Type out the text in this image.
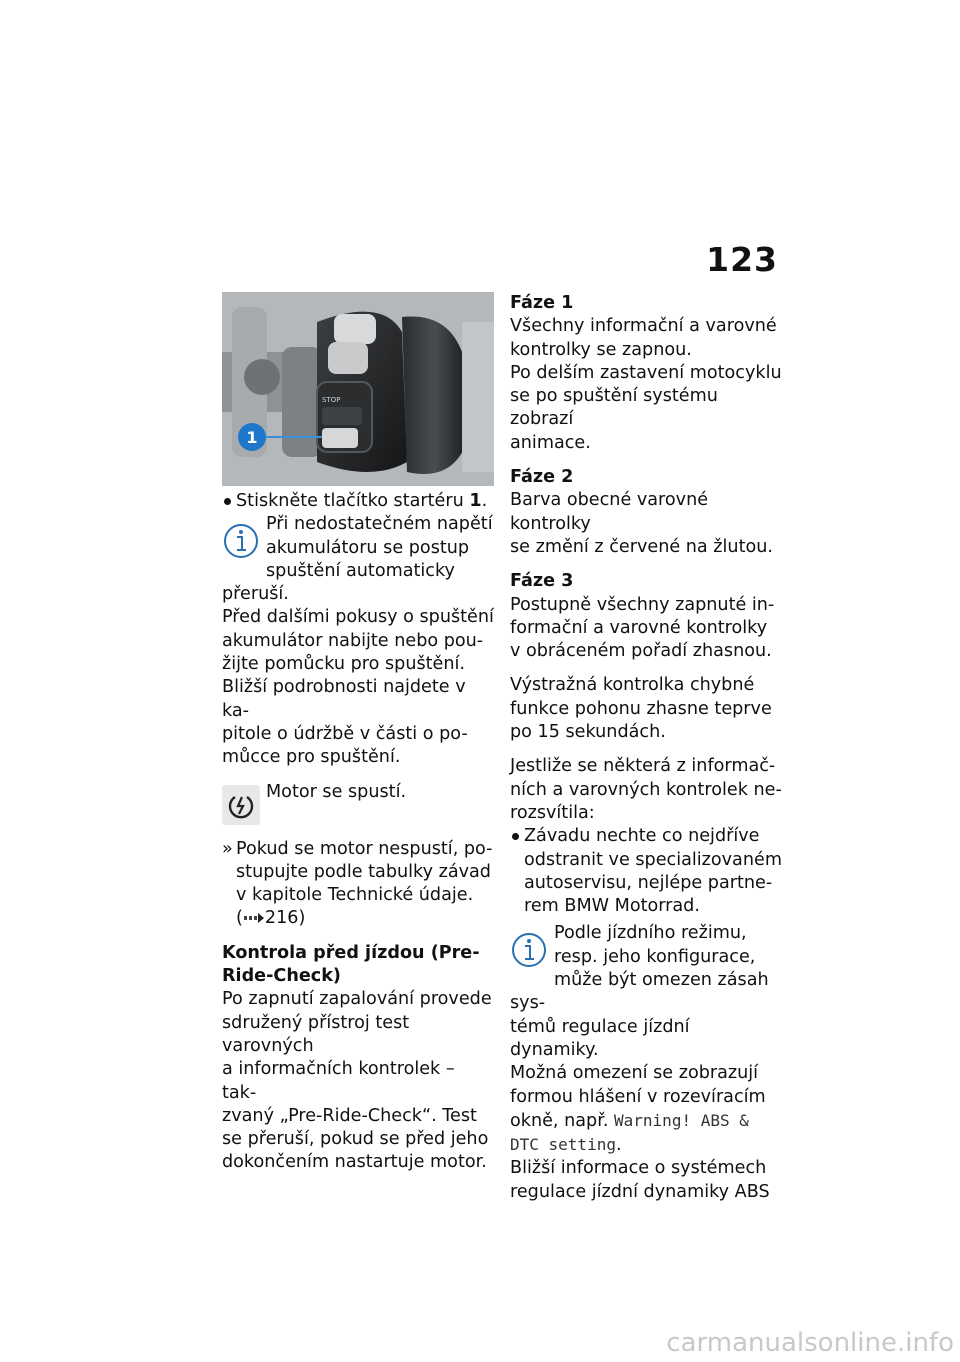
123
STOP
1

Stiskněte tlačítko startéru 1.

Při nedostatečném napětí
akumulátoru se postup
spuštění automaticky přeruší.
Před dalšími pokusy o spuštění
akumulátor nabijte nebo pou-
žijte pomůcku pro spuštění.
Bližší podrobnosti najdete v ka-
pitole o údržbě v části o po-
můcce pro spuštění.
Motor se spustí.
» Pokud se motor nespustí, po-
stupujte podle tabulky závad
v kapitole Technické údaje.
( 216)
Kontrola před jízdou (Pre-
Ride-Check)
Po zapnutí zapalování provede
sdružený přístroj test varovných
a informačních kontrolek – tak-
zvaný „Pre-Ride-Check“. Test
se přeruší, pokud se před jeho
dokončením nastartuje motor.
Fáze 1
Všechny informační a varovné
kontrolky se zapnou.
Po delším zastavení motocyklu
se po spuštění systému zobrazí
animace.
Fáze 2
Barva obecné varovné kontrolky
se změní z červené na žlutou.
Fáze 3
Postupně všechny zapnuté in-
formační a varovné kontrolky
v obráceném pořadí zhasnou.
Výstražná kontrolka chybné
funkce pohonu zhasne teprve
po 15 sekundách.
Jestliže se některá z informač-
ních a varovných kontrolek ne-
rozsvítila:
Závadu nechte co nejdříve
odstranit ve specializovaném
autoservisu, nejlépe partne-
rem BMW Motorrad.
Podle jízdního režimu,
resp. jeho konfigurace,
může být omezen zásah sys-
témů regulace jízdní dynamiky.
Možná omezení se zobrazují
formou hlášení v rozevíracím
okně, např. Warning! ABS &
DTC setting.
Bližší informace o systémech
regulace jízdní dynamiky ABS
carmanualsonline.info
